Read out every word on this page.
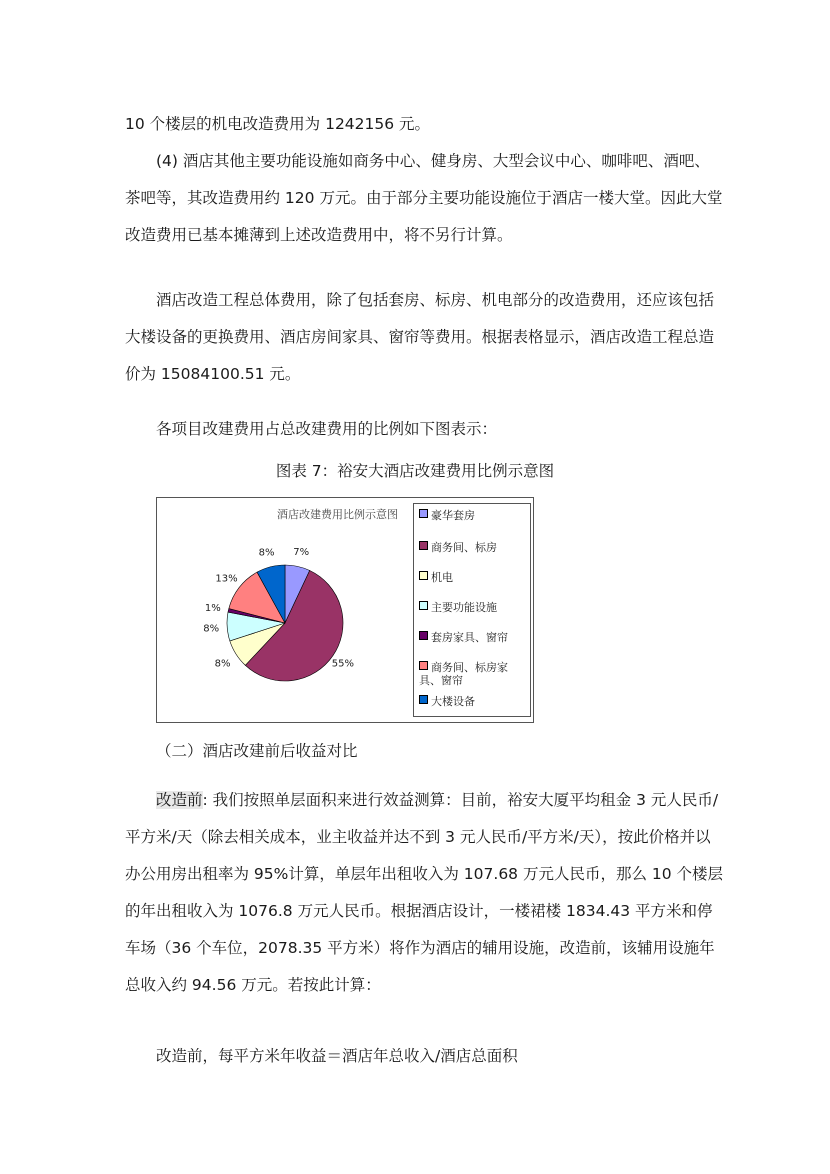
10 个楼层的机电改造费用为 1242156 元。

(4) 酒店其他主要功能设施如商务中心、健身房、大型会议中心、咖啡吧、酒吧、茶吧等，其改造费用约 120 万元。由于部分主要功能设施位于酒店一楼大堂。因此大堂改造费用已基本摊薄到上述改造费用中，将不另行计算。

酒店改造工程总体费用，除了包括套房、标房、机电部分的改造费用，还应该包括大楼设备的更换费用、酒店房间家具、窗帘等费用。根据表格显示，酒店改造工程总造价为 15084100.51 元。

各项目改建费用占总改建费用的比例如下图表示：

图表 7：裕安大酒店改建费用比例示意图
酒店改建费用比例示意图
7%
55%
8%
8%
1%
13%
8%
豪华套房
商务间、标房
机电
主要功能设施
套房家具、窗帘
商务间、标房家具、窗帘
大楼设备

（二）酒店改建前后收益对比

改造前: 我们按照单层面积来进行效益测算：目前，裕安大厦平均租金 3 元人民币/平方米/天（除去相关成本，业主收益并达不到 3 元人民币/平方米/天），按此价格并以办公用房出租率为 95%计算，单层年出租收入为 107.68 万元人民币，那么 10 个楼层的年出租收入为 1076.8 万元人民币。根据酒店设计，一楼裙楼 1834.43 平方米和停车场（36 个车位，2078.35 平方米）将作为酒店的辅用设施，改造前，该辅用设施年总收入约 94.56 万元。若按此计算：

改造前，每平方米年收益＝酒店年总收入/酒店总面积
